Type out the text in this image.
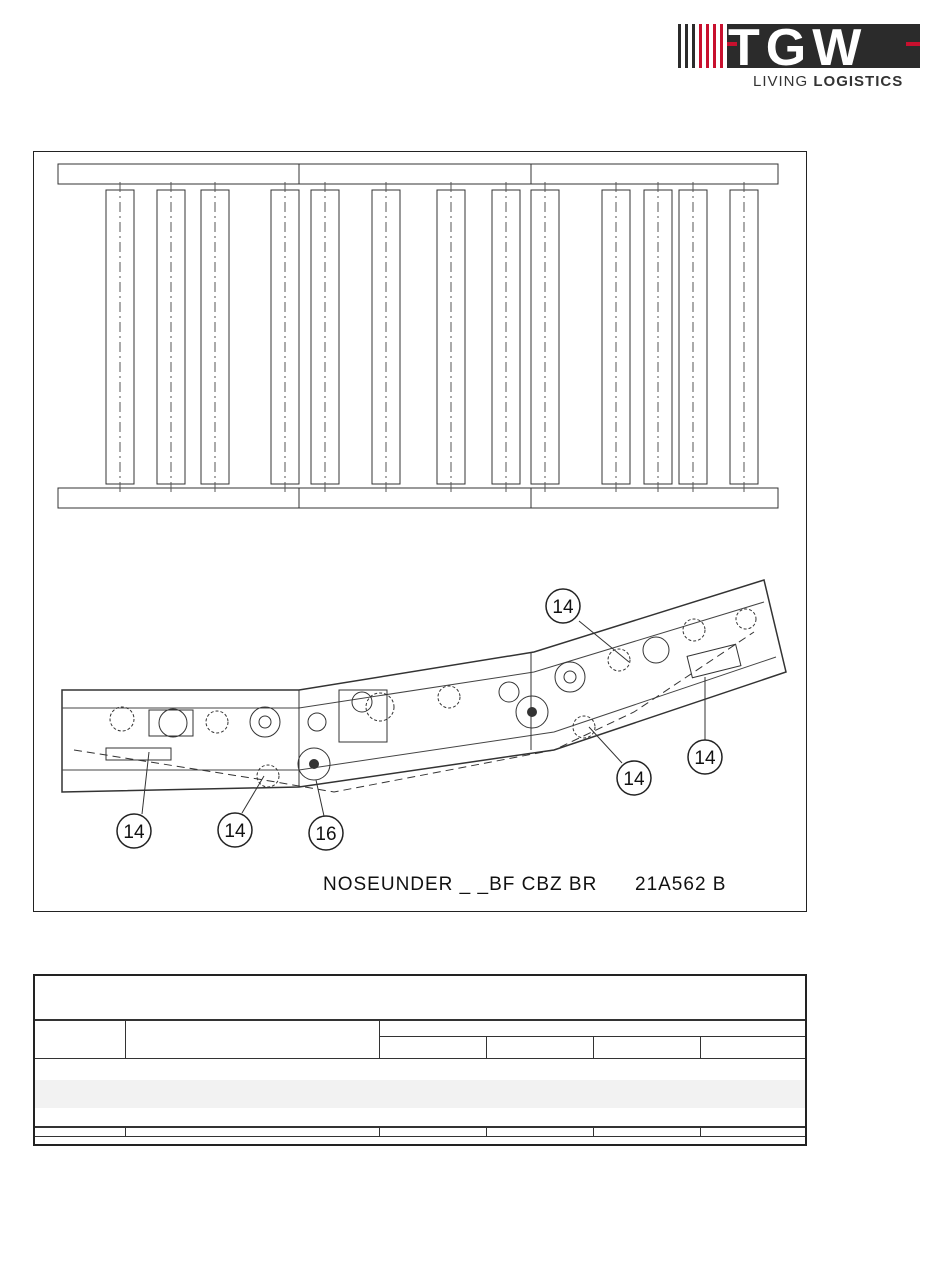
TGW
LIVING LOGISTICS
14
14
14
14	14	16
NOSEUNDER _ _BF CBZ BR      21A562 B
